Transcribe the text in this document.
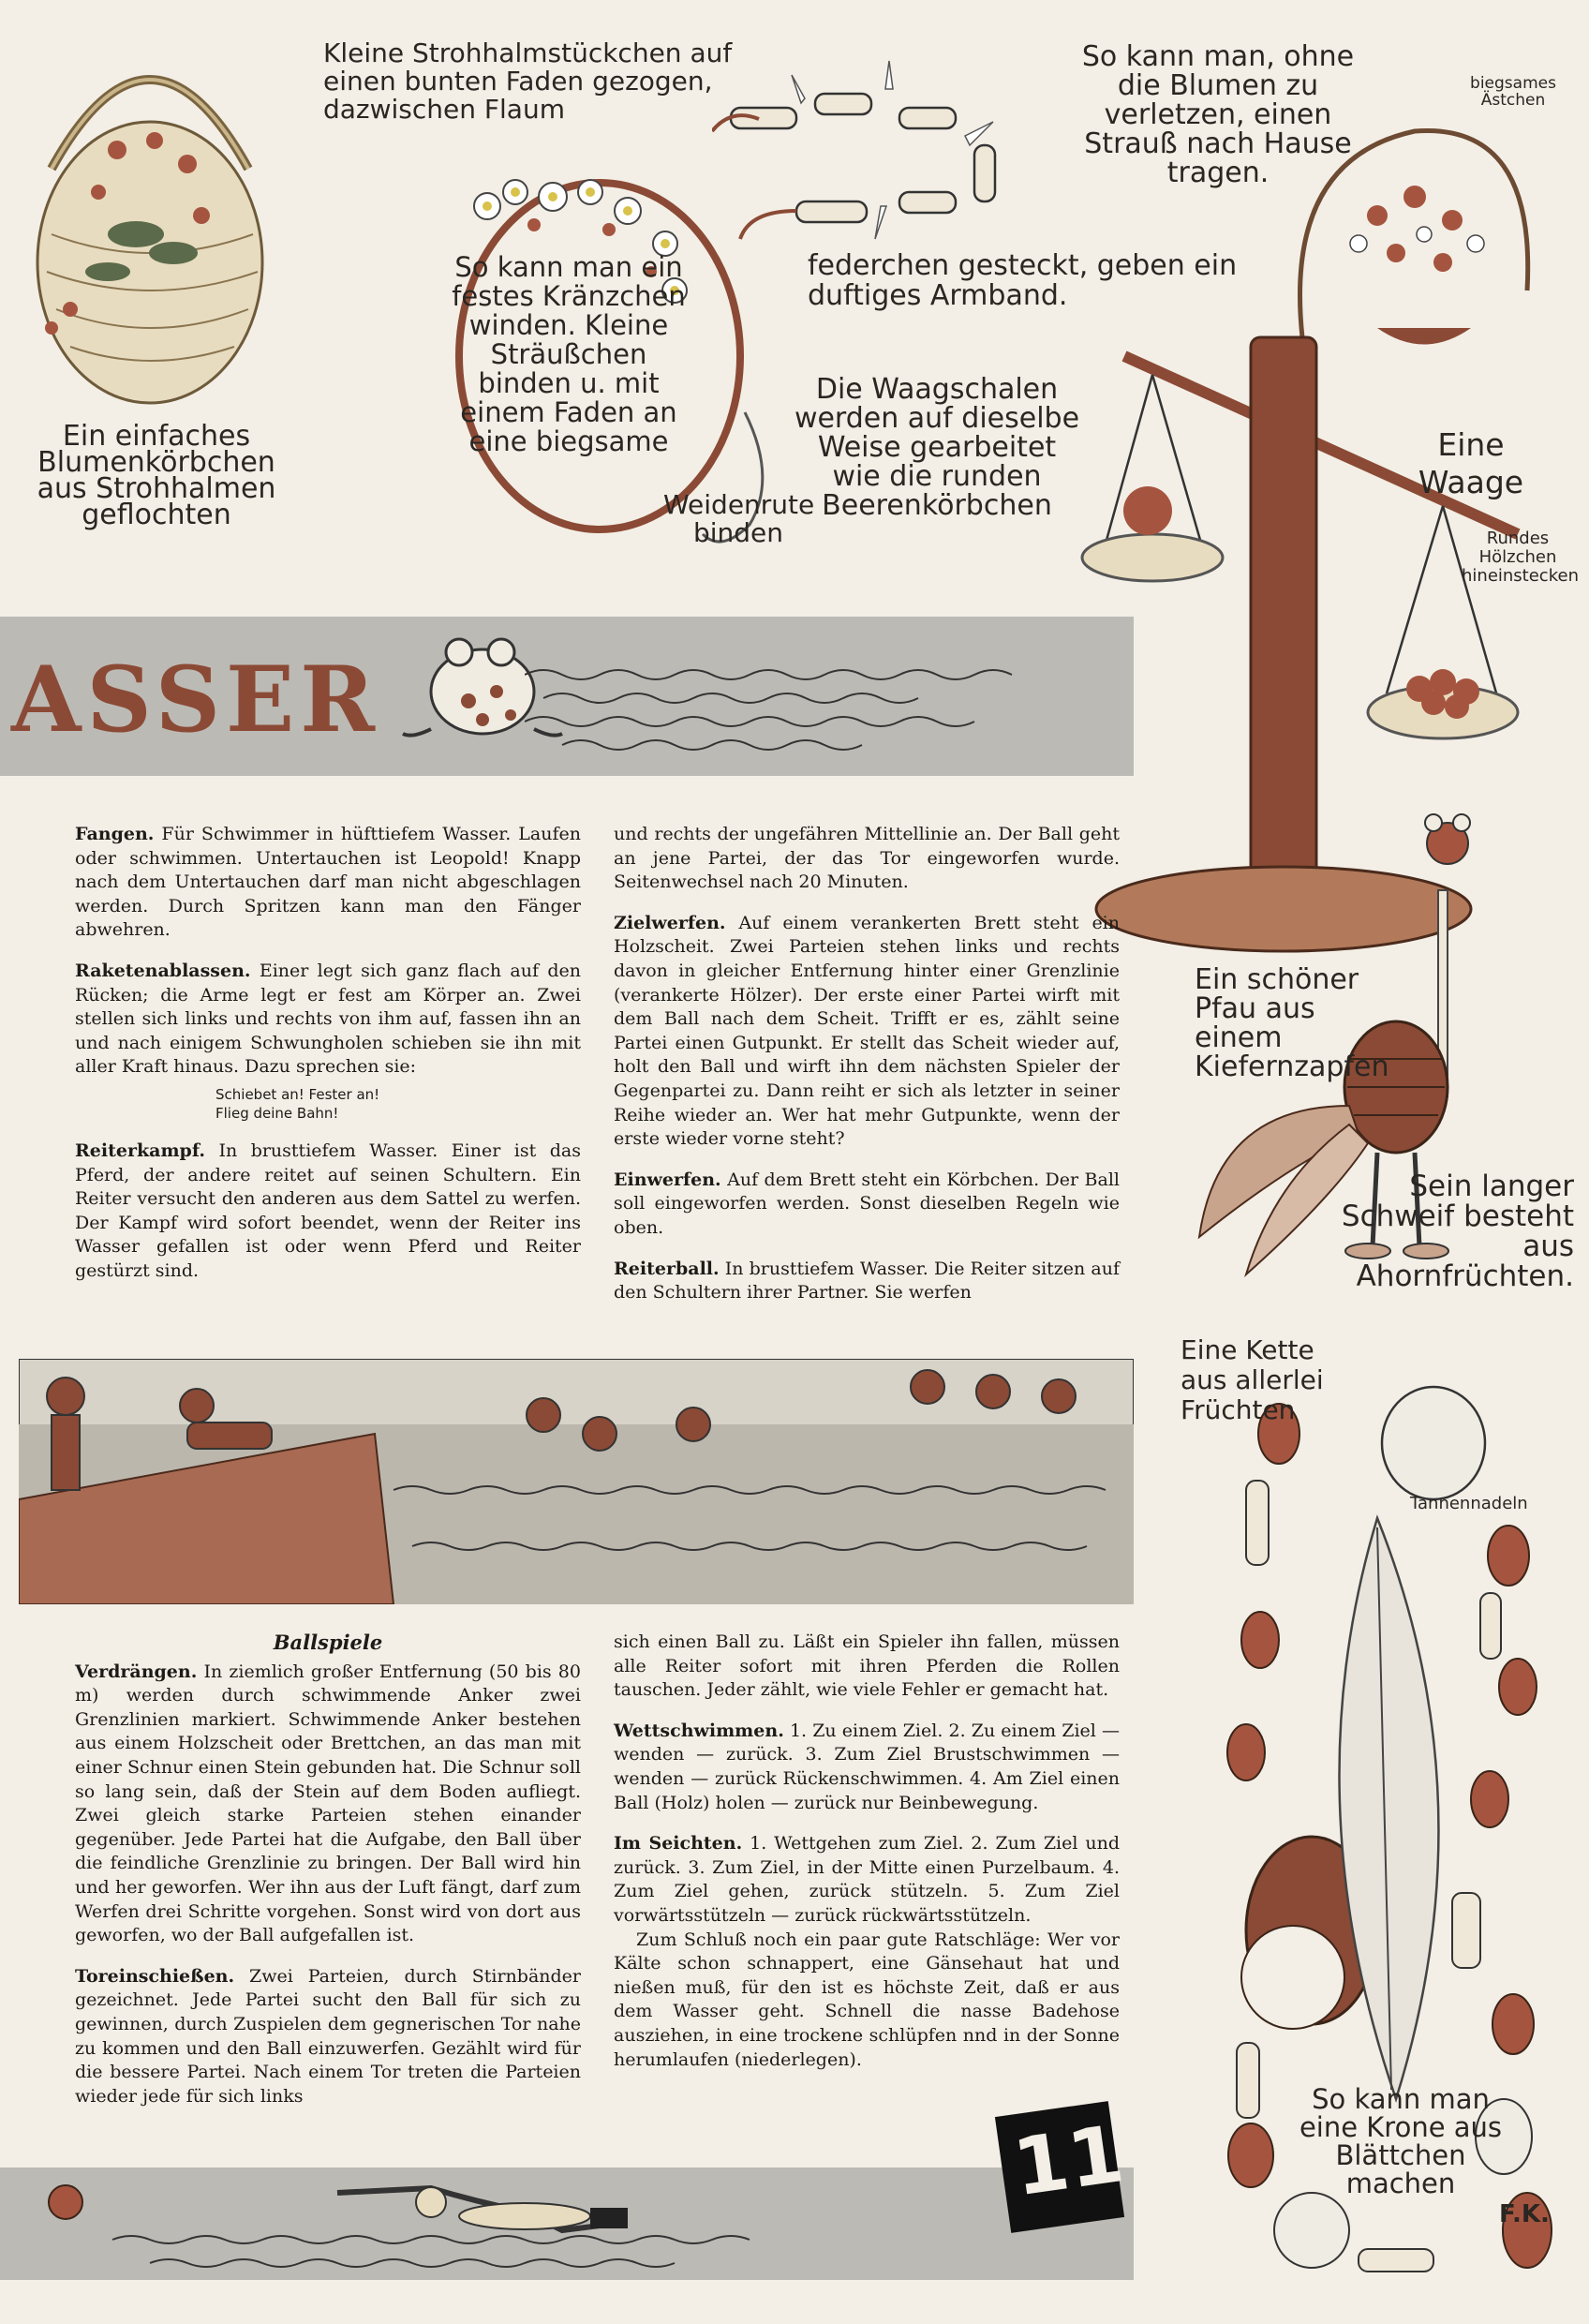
Ein einfaches Blumenkörbchen aus Strohhalmen geflochten
Kleine Strohhalmstückchen auf einen bunten Faden gezogen, dazwischen Flaum
federchen gesteckt, geben ein duftiges Armband.
So kann man ein festes Kränzchen winden. Kleine Sträußchen binden u. mit einem Faden an eine biegsame
Weidenrute binden
So kann man, ohne die Blumen zu verletzen, einen Strauß nach Hause tragen.
biegsames Ästchen
Die Waagschalen werden auf dieselbe Weise gearbeitet wie die runden Beerenkörbchen
Eine Waage
Rundes Hölzchen hineinstecken
ASSER

Fangen. Für Schwimmer in hüfttiefem Wasser. Laufen oder schwimmen. Untertauchen ist Leopold! Knapp nach dem Untertauchen darf man nicht abgeschlagen werden. Durch Spritzen kann man den Fänger abwehren.

Raketenablassen. Einer legt sich ganz flach auf den Rücken; die Arme legt er fest am Körper an. Zwei stellen sich links und rechts von ihm auf, fassen ihn an und nach einigem Schwungholen schieben sie ihn mit aller Kraft hinaus. Dazu sprechen sie:

Schiebet an! Fester an!
Flieg deine Bahn!

Reiterkampf. In brusttiefem Wasser. Einer ist das Pferd, der andere reitet auf seinen Schultern. Ein Reiter versucht den anderen aus dem Sattel zu werfen. Der Kampf wird sofort beendet, wenn der Reiter ins Wasser gefallen ist oder wenn Pferd und Reiter gestürzt sind.

und rechts der ungefähren Mittellinie an. Der Ball geht an jene Partei, der das Tor eingeworfen wurde. Seitenwechsel nach 20 Minuten.

Zielwerfen. Auf einem verankerten Brett steht ein Holzscheit. Zwei Parteien stehen links und rechts davon in gleicher Entfernung hinter einer Grenzlinie (verankerte Hölzer). Der erste einer Partei wirft mit dem Ball nach dem Scheit. Trifft er es, zählt seine Partei einen Gutpunkt. Er stellt das Scheit wieder auf, holt den Ball und wirft ihn dem nächsten Spieler der Gegenpartei zu. Dann reiht er sich als letzter in seiner Reihe wieder an. Wer hat mehr Gutpunkte, wenn der erste wieder vorne steht?

Einwerfen. Auf dem Brett steht ein Körbchen. Der Ball soll eingeworfen werden. Sonst dieselben Regeln wie oben.

Reiterball. In brusttiefem Wasser. Die Reiter sitzen auf den Schultern ihrer Partner. Sie werfen

Ballspiele

Verdrängen. In ziemlich großer Entfernung (50 bis 80 m) werden durch schwimmende Anker zwei Grenzlinien markiert. Schwimmende Anker bestehen aus einem Holzscheit oder Brettchen, an das man mit einer Schnur einen Stein gebunden hat. Die Schnur soll so lang sein, daß der Stein auf dem Boden aufliegt. Zwei gleich starke Parteien stehen einander gegenüber. Jede Partei hat die Aufgabe, den Ball über die feindliche Grenzlinie zu bringen. Der Ball wird hin und her geworfen. Wer ihn aus der Luft fängt, darf zum Werfen drei Schritte vorgehen. Sonst wird von dort aus geworfen, wo der Ball aufgefallen ist.

Toreinschießen. Zwei Parteien, durch Stirnbänder gezeichnet. Jede Partei sucht den Ball für sich zu gewinnen, durch Zuspielen dem gegnerischen Tor nahe zu kommen und den Ball einzuwerfen. Gezählt wird für die bessere Partei. Nach einem Tor treten die Parteien wieder jede für sich links

sich einen Ball zu. Läßt ein Spieler ihn fallen, müssen alle Reiter sofort mit ihren Pferden die Rollen tauschen. Jeder zählt, wie viele Fehler er gemacht hat.

Wettschwimmen. 1. Zu einem Ziel. 2. Zu einem Ziel — wenden — zurück. 3. Zum Ziel Brustschwimmen — wenden — zurück Rückenschwimmen. 4. Am Ziel einen Ball (Holz) holen — zurück nur Beinbewegung.

Im Seichten. 1. Wettgehen zum Ziel. 2. Zum Ziel und zurück. 3. Zum Ziel, in der Mitte einen Purzelbaum. 4. Zum Ziel gehen, zurück stützeln. 5. Zum Ziel vorwärtsstützeln — zurück rückwärtsstützeln.

Zum Schluß noch ein paar gute Ratschläge: Wer vor Kälte schon schnappert, eine Gänsehaut hat und nießen muß, für den ist es höchste Zeit, daß er aus dem Wasser geht. Schnell die nasse Badehose ausziehen, in eine trockene schlüpfen nnd in der Sonne herumlaufen (niederlegen).

Ein schöner Pfau aus einem Kiefernzapfen
Sein langer Schweif besteht aus Ahornfrüchten.
Eine Kette aus allerlei Früchten
Tannennadeln
So kann man eine Krone aus Blättchen machen
F.K.
11
